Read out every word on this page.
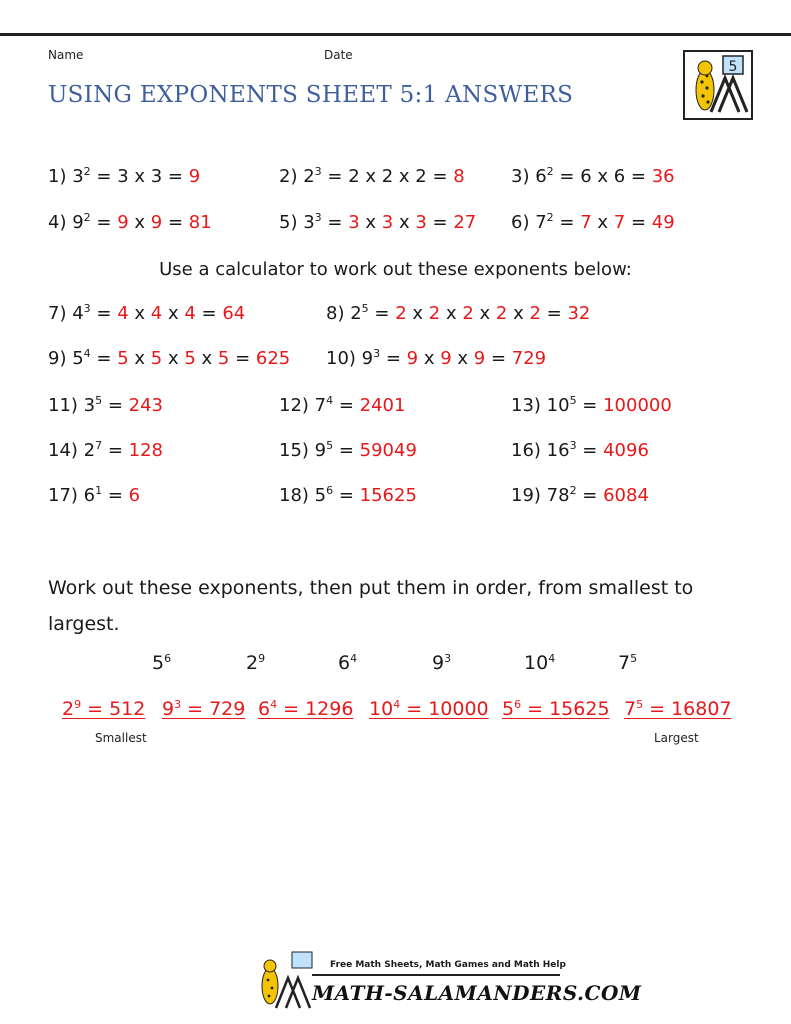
Name	Date
5
USING EXPONENTS SHEET 5:1 ANSWERS
1) $3^2 = 3$ x 3 = 9	2) $2^3 = 2$ x 2 x 2 = 8	3) $6^2 = 6$ x 6 = 36
4) $9^2 = 9$ x 9 = 81	5) $3^3 = 3$ x 3 x 3 = 27 6) $7^2 = 7$ x 7 = 49
7) $4^3 = 4$ x 4 x 4 = 64	8) $2^5 = 2$ x 2 x 2 x 2 x 2 = 32
9) $5^4 = 5$ x 5 x 5 x 5 = 625 10) $9^3 = 9$ x 9 x 9 = 729
11) $3^5 = 243$	12) $7^4 = 2401$	13) $10^5 = 100000$
14) $2^7 = 128$	15) $9^5 = 59049$	16) $16^3 = 4096$
17) $6^1 = 6$	18) $5^6 = 15625$	19) $78^2 = 6084$
Use a calculator to work out these exponents below:
Work out these exponents, then put them in order, from smallest to largest.
$5^6$	$2^9$	$6^4$	$9^3$	$10^4$	$7^5$
$2^9 = 512$ $9^3 = 729$ $6^4 = 1296$ $10^4 = 10000$ $5^6 = 15625$ $7^5 = 16807$
Smallest	Largest
Free Math Sheets, Math Games and Math Help
MATH-SALAMANDERS.COM
